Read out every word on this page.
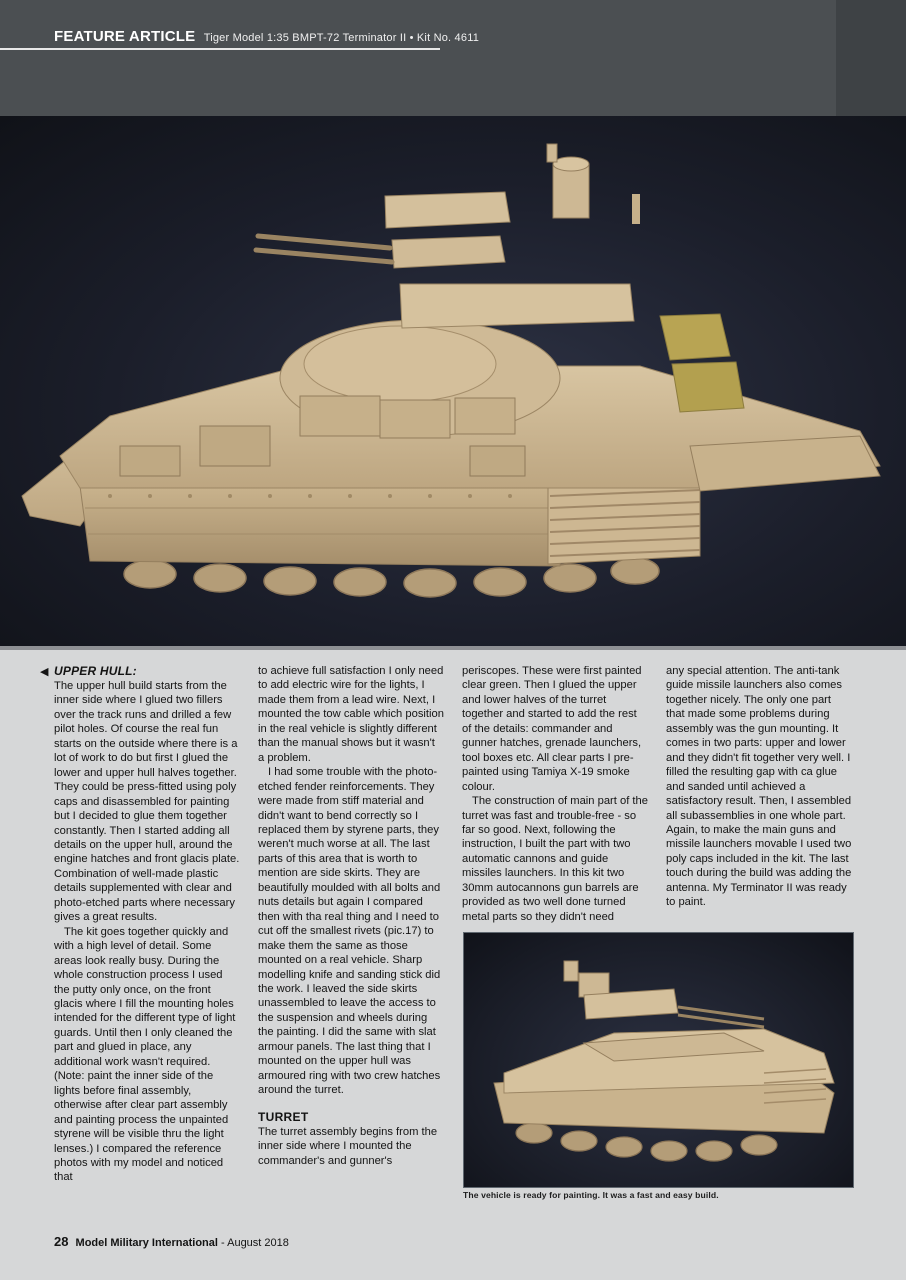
FEATURE ARTICLE Tiger Model 1:35 BMPT-72 Terminator II • Kit No. 4611
◀ UPPER HULL:

The upper hull build starts from the inner side where I glued two fillers over the track runs and drilled a few pilot holes. Of course the real fun starts on the outside where there is a lot of work to do but first I glued the lower and upper hull halves together. They could be press-fitted using poly caps and disassembled for painting but I decided to glue them together constantly. Then I started adding all details on the upper hull, around the engine hatches and front glacis plate. Combination of well-made plastic details supplemented with clear and photo-etched parts where necessary gives a great results.

The kit goes together quickly and with a high level of detail. Some areas look really busy. During the whole construction process I used the putty only once, on the front glacis where I fill the mounting holes intended for the different type of light guards. Until then I only cleaned the part and glued in place, any additional work wasn't required. (Note: paint the inner side of the lights before final assembly, otherwise after clear part assembly and painting process the unpainted styrene will be visible thru the light lenses.) I compared the reference photos with my model and noticed that

to achieve full satisfaction I only need to add electric wire for the lights, I made them from a lead wire. Next, I mounted the tow cable which position in the real vehicle is slightly different than the manual shows but it wasn't a problem.

I had some trouble with the photo-etched fender reinforcements. They were made from stiff material and didn't want to bend correctly so I replaced them by styrene parts, they weren't much worse at all. The last parts of this area that is worth to mention are side skirts. They are beautifully moulded with all bolts and nuts details but again I compared then with tha real thing and I need to cut off the smallest rivets (pic.17) to make them the same as those mounted on a real vehicle. Sharp modelling knife and sanding stick did the work. I leaved the side skirts unassembled to leave the access to the suspension and wheels during the painting. I did the same with slat armour panels. The last thing that I mounted on the upper hull was armoured ring with two crew hatches around the turret.

TURRET

The turret assembly begins from the inner side where I mounted the commander's and gunner's

periscopes. These were first painted clear green. Then I glued the upper and lower halves of the turret together and started to add the rest of the details: commander and gunner hatches, grenade launchers, tool boxes etc. All clear parts I pre-painted using Tamiya X-19 smoke colour.

The construction of main part of the turret was fast and trouble-free - so far so good. Next, following the instruction, I built the part with two automatic cannons and guide missiles launchers. In this kit two 30mm autocannons gun barrels are provided as two well done turned metal parts so they didn't need

any special attention. The anti-tank guide missile launchers also comes together nicely. The only one part that made some problems during assembly was the gun mounting. It comes in two parts: upper and lower and they didn't fit together very well. I filled the resulting gap with ca glue and sanded until achieved a satisfactory result. Then, I assembled all subassemblies in one whole part. Again, to make the main guns and missile launchers movable I used two poly caps included in the kit. The last touch during the build was adding the antenna. My Terminator II was ready to paint.

The vehicle is ready for painting. It was a fast and easy build.
28 Model Military International - August 2018
